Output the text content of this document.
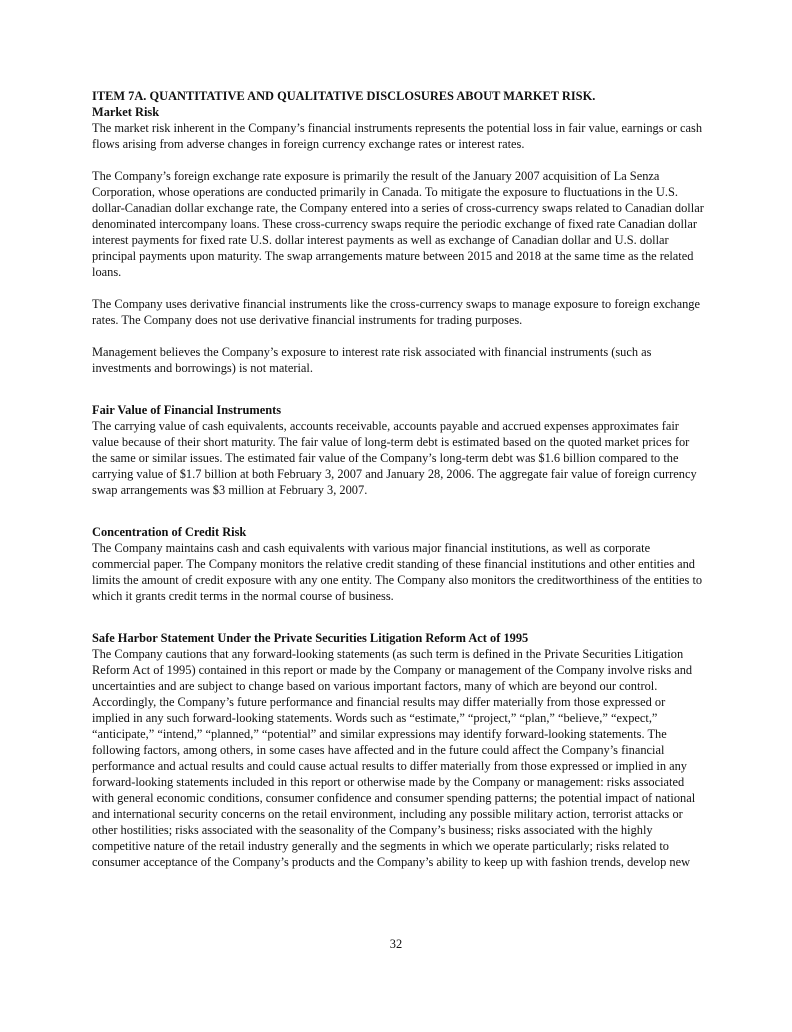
ITEM 7A. QUANTITATIVE AND QUALITATIVE DISCLOSURES ABOUT MARKET RISK.

Market Risk

The market risk inherent in the Company’s financial instruments represents the potential loss in fair value, earnings or cash flows arising from adverse changes in foreign currency exchange rates or interest rates.

The Company’s foreign exchange rate exposure is primarily the result of the January 2007 acquisition of La Senza Corporation, whose operations are conducted primarily in Canada. To mitigate the exposure to fluctuations in the U.S. dollar-Canadian dollar exchange rate, the Company entered into a series of cross-currency swaps related to Canadian dollar denominated intercompany loans. These cross-currency swaps require the periodic exchange of fixed rate Canadian dollar interest payments for fixed rate U.S. dollar interest payments as well as exchange of Canadian dollar and U.S. dollar principal payments upon maturity. The swap arrangements mature between 2015 and 2018 at the same time as the related loans.

The Company uses derivative financial instruments like the cross-currency swaps to manage exposure to foreign exchange rates. The Company does not use derivative financial instruments for trading purposes.

Management believes the Company’s exposure to interest rate risk associated with financial instruments (such as investments and borrowings) is not material.

Fair Value of Financial Instruments

The carrying value of cash equivalents, accounts receivable, accounts payable and accrued expenses approximates fair value because of their short maturity. The fair value of long-term debt is estimated based on the quoted market prices for the same or similar issues. The estimated fair value of the Company’s long-term debt was $1.6 billion compared to the carrying value of $1.7 billion at both February 3, 2007 and January 28, 2006. The aggregate fair value of foreign currency swap arrangements was $3 million at February 3, 2007.

Concentration of Credit Risk

The Company maintains cash and cash equivalents with various major financial institutions, as well as corporate commercial paper. The Company monitors the relative credit standing of these financial institutions and other entities and limits the amount of credit exposure with any one entity. The Company also monitors the creditworthiness of the entities to which it grants credit terms in the normal course of business.

Safe Harbor Statement Under the Private Securities Litigation Reform Act of 1995

The Company cautions that any forward-looking statements (as such term is defined in the Private Securities Litigation Reform Act of 1995) contained in this report or made by the Company or management of the Company involve risks and uncertainties and are subject to change based on various important factors, many of which are beyond our control. Accordingly, the Company’s future performance and financial results may differ materially from those expressed or implied in any such forward-looking statements. Words such as “estimate,” “project,” “plan,” “believe,” “expect,” “anticipate,” “intend,” “planned,” “potential” and similar expressions may identify forward-looking statements. The following factors, among others, in some cases have affected and in the future could affect the Company’s financial performance and actual results and could cause actual results to differ materially from those expressed or implied in any forward-looking statements included in this report or otherwise made by the Company or management: risks associated with general economic conditions, consumer confidence and consumer spending patterns; the potential impact of national and international security concerns on the retail environment, including any possible military action, terrorist attacks or other hostilities; risks associated with the seasonality of the Company’s business; risks associated with the highly competitive nature of the retail industry generally and the segments in which we operate particularly; risks related to consumer acceptance of the Company’s products and the Company’s ability to keep up with fashion trends, develop new

32
